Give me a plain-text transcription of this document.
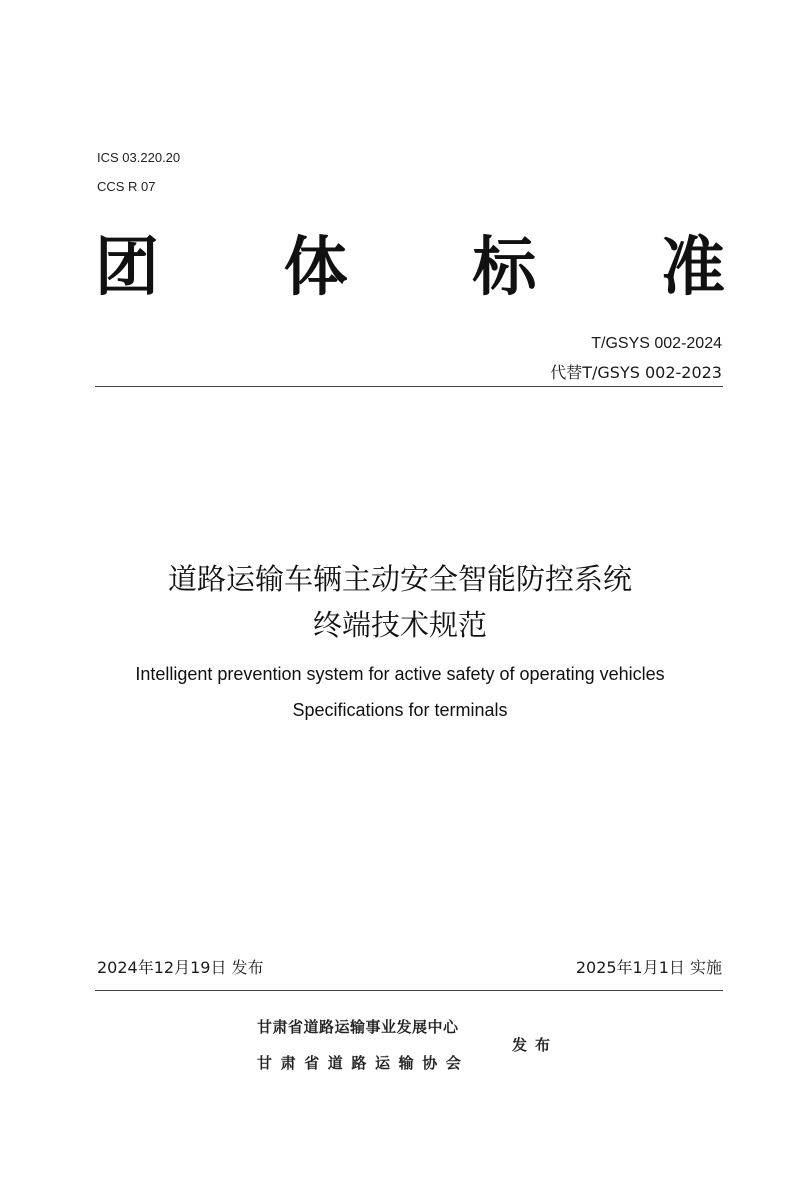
ICS 03.220.20
CCS R 07
团 体 标 准
T/GSYS 002-2024
代替T/GSYS 002-2023
道路运输车辆主动安全智能防控系统
终端技术规范
Intelligent prevention system for active safety of operating vehicles
Specifications for terminals
2024年12月19日 发布	2025年1月1日 实施
甘肃省道路运输事业发展中心
甘肃省道路运输协会
发布
